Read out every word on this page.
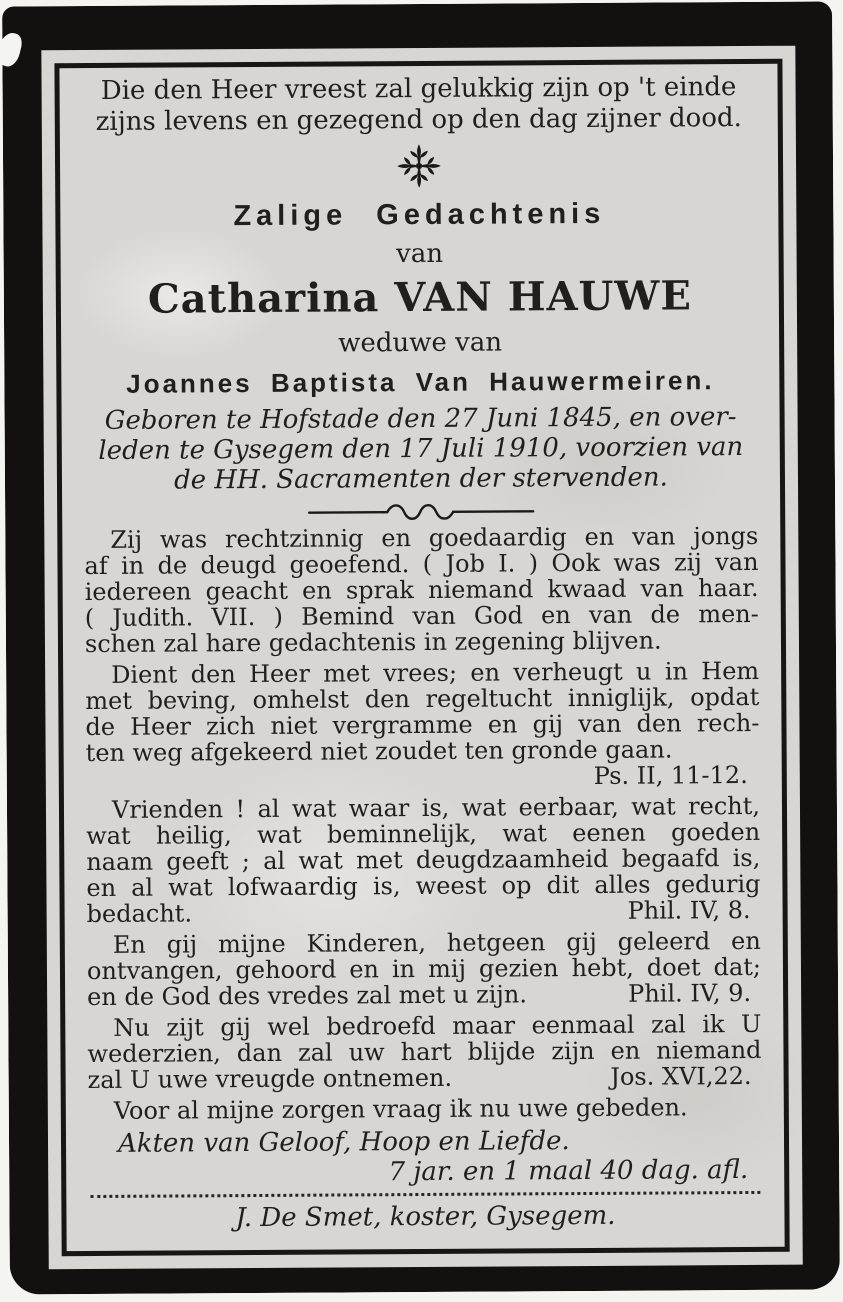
Die den Heer vreest zal gelukkig zijn op 't einde
zijns levens en gezegend op den dag zijner dood.

Zalige Gedachtenis
van
Catharina VAN HAUWE
weduwe van
Joannes Baptista Van Hauwermeiren.
Geboren te Hofstade den 27 Juni 1845, en over-
leden te Gysegem den 17 Juli 1910, voorzien van
de HH. Sacramenten der stervenden.

Zij was rechtzinnig en goedaardig en van jongs
af in de deugd geoefend. ( Job I. ) Ook was zij van
iedereen geacht en sprak niemand kwaad van haar.
( Judith. VII. ) Bemind van God en van de men-
schen zal hare gedachtenis in zegening blijven.

Dient den Heer met vrees; en verheugt u in Hem
met beving, omhelst den regeltucht inniglijk, opdat
de Heer zich niet vergramme en gij van den rech-
ten weg afgekeerd niet zoudet ten gronde gaan.
Ps. II, 11-12.

Vrienden ! al wat waar is, wat eerbaar, wat recht,
wat heilig, wat beminnelijk, wat eenen goeden
naam geeft ; al wat met deugdzaamheid begaafd is,
en al wat lofwaardig is, weest op dit alles gedurig
bedacht.	Phil. IV, 8.

En gij mijne Kinderen, hetgeen gij geleerd en
ontvangen, gehoord en in mij gezien hebt, doet dat;
en de God des vredes zal met u zijn.	Phil. IV, 9.

Nu zijt gij wel bedroefd maar eenmaal zal ik U
wederzien, dan zal uw hart blijde zijn en niemand
zal U uwe vreugde ontnemen.	Jos. XVI,22.

Voor al mijne zorgen vraag ik nu uwe gebeden.

Akten van Geloof, Hoop en Liefde.
7 jar. en 1 maal 40 dag. afl.
J. De Smet, koster, Gysegem.
